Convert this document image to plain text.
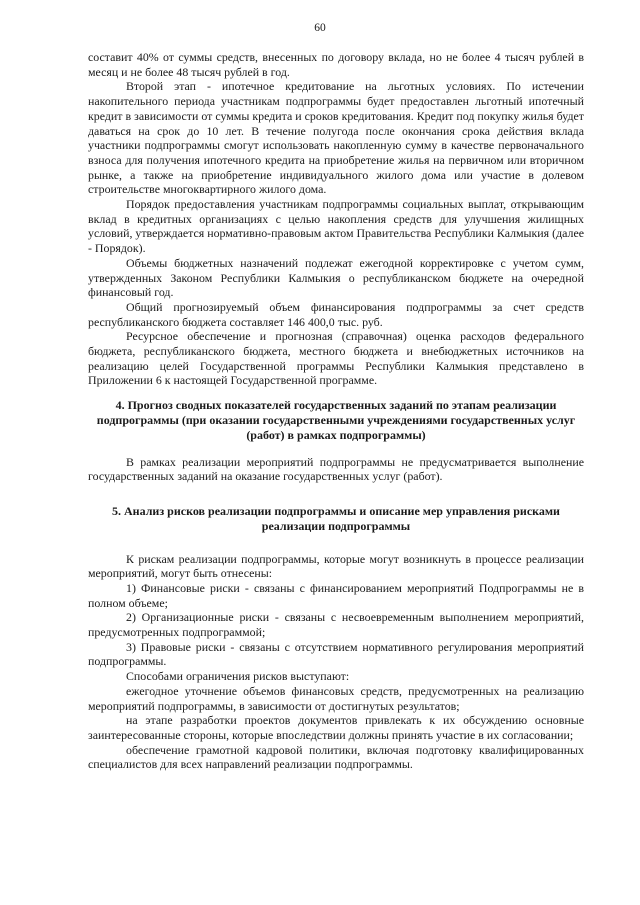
60

составит 40% от суммы средств, внесенных по договору вклада, но не более 4 тысяч рублей в месяц и не более 48 тысяч рублей в год.

Второй этап - ипотечное кредитование на льготных условиях. По истечении накопительного периода участникам подпрограммы будет предоставлен льготный ипотечный кредит в зависимости от суммы кредита и сроков кредитования. Кредит под покупку жилья будет даваться на срок до 10 лет. В течение полугода после окончания срока действия вклада участники подпрограммы смогут использовать накопленную сумму в качестве первоначального взноса для получения ипотечного кредита на приобретение жилья на первичном или вторичном рынке, а также на приобретение индивидуального жилого дома или участие в долевом строительстве многоквартирного жилого дома.

Порядок предоставления участникам подпрограммы социальных выплат, открывающим вклад в кредитных организациях с целью накопления средств для улучшения жилищных условий, утверждается нормативно-правовым актом Правительства Республики Калмыкия (далее - Порядок).

Объемы бюджетных назначений подлежат ежегодной корректировке с учетом сумм, утвержденных Законом Республики Калмыкия о республиканском бюджете на очередной финансовый год.

Общий прогнозируемый объем финансирования подпрограммы за счет средств республиканского бюджета составляет 146 400,0 тыс. руб.

Ресурсное обеспечение и прогнозная (справочная) оценка расходов федерального бюджета, республиканского бюджета, местного бюджета и внебюджетных источников на реализацию целей Государственной программы Республики Калмыкия представлено в Приложении 6 к настоящей Государственной программе.

4. Прогноз сводных показателей государственных заданий по этапам реализации подпрограммы (при оказании государственными учреждениями государственных услуг (работ) в рамках подпрограммы)

В рамках реализации мероприятий подпрограммы не предусматривается выполнение государственных заданий на оказание государственных услуг (работ).

5. Анализ рисков реализации подпрограммы и описание мер управления рисками реализации подпрограммы

К рискам реализации подпрограммы, которые могут возникнуть в процессе реализации мероприятий, могут быть отнесены:

1) Финансовые риски - связаны с финансированием мероприятий Подпрограммы не в полном объеме;

2) Организационные риски - связаны с несвоевременным выполнением мероприятий, предусмотренных подпрограммой;

3) Правовые риски - связаны с отсутствием нормативного регулирования мероприятий подпрограммы.

Способами ограничения рисков выступают:

ежегодное уточнение объемов финансовых средств, предусмотренных на реализацию мероприятий подпрограммы, в зависимости от достигнутых результатов;

на этапе разработки проектов документов привлекать к их обсуждению основные заинтересованные стороны, которые впоследствии должны принять участие в их согласовании;

обеспечение грамотной кадровой политики, включая подготовку квалифицированных специалистов для всех направлений реализации подпрограммы.
